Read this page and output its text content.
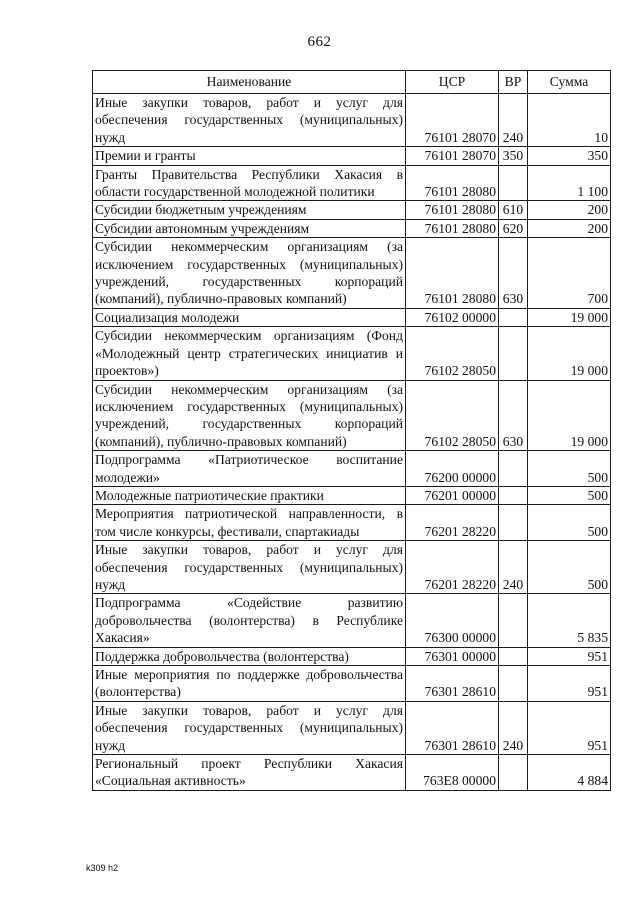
662
Наименование	ЦСР	ВР	Сумма
Иные закупки товаров, работ и услуг для обеспечения государственных (муниципальных) нужд	76101 28070	240	10
Премии и гранты	76101 28070	350	350
Гранты Правительства Республики Хакасия в области государственной молодежной политики	76101 28080		1 100
Субсидии бюджетным учреждениям	76101 28080	610	200
Субсидии автономным учреждениям	76101 28080	620	200
Субсидии некоммерческим организациям (за исключением государственных (муниципальных) учреждений, государственных корпораций (компаний), публично-правовых компаний)	76101 28080	630	700
Социализация молодежи	76102 00000		19 000
Субсидии некоммерческим организациям (Фонд «Молодежный центр стратегических инициатив и проектов»)	76102 28050		19 000
Субсидии некоммерческим организациям (за исключением государственных (муниципальных) учреждений, государственных корпораций (компаний), публично-правовых компаний)	76102 28050	630	19 000
Подпрограмма «Патриотическое воспитание молодежи»	76200 00000		500
Молодежные патриотические практики	76201 00000		500
Мероприятия патриотической направленности, в том числе конкурсы, фестивали, спартакиады	76201 28220		500
Иные закупки товаров, работ и услуг для обеспечения государственных (муниципальных) нужд	76201 28220	240	500
Подпрограмма «Содействие развитию добровольчества (волонтерства) в Республике Хакасия»	76300 00000		5 835
Поддержка добровольчества (волонтерства)	76301 00000		951
Иные мероприятия по поддержке добровольчества (волонтерства)	76301 28610		951
Иные закупки товаров, работ и услуг для обеспечения государственных (муниципальных) нужд	76301 28610	240	951
Региональный проект Республики Хакасия «Социальная активность»	763E8 00000		4 884
k309 h2
